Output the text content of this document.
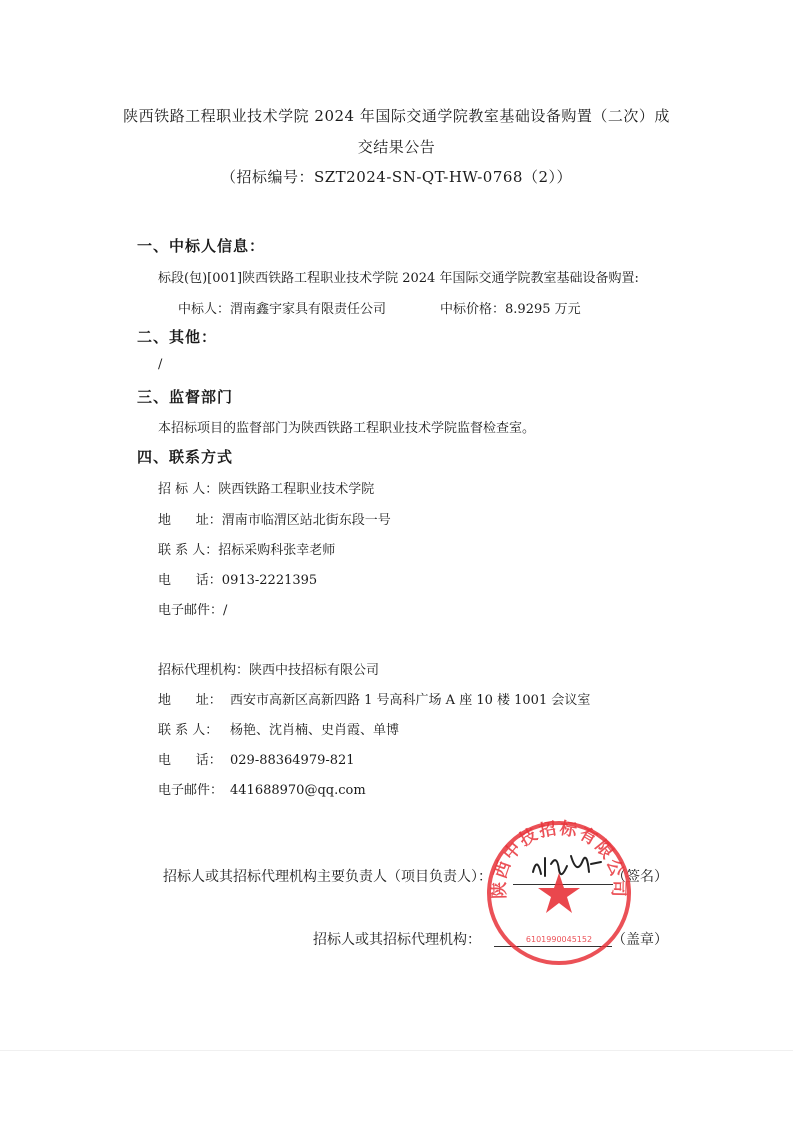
陕西铁路工程职业技术学院 2024 年国际交通学院教室基础设备购置（二次）成
交结果公告
（招标编号：SZT2024-SN-QT-HW-0768（2））
一、中标人信息：
标段(包)[001]陕西铁路工程职业技术学院 2024 年国际交通学院教室基础设备购置:
中标人：渭南鑫宇家具有限责任公司	中标价格：8.9295 万元
二、其他：
/
三、监督部门
本招标项目的监督部门为陕西铁路工程职业技术学院监督检查室。
四、联系方式
招 标 人：陕西铁路工程职业技术学院
地      址：渭南市临渭区站北街东段一号
联 系 人：招标采购科张幸老师
电      话：0913-2221395
电子邮件：/
招标代理机构：陕西中技招标有限公司
地      址： 西安市高新区高新四路 1 号高科广场 A 座 10 楼 1001 会议室
联 系 人： 杨艳、沈肖楠、史肖霞、单博
电      话： 029-88364979-821
电子邮件： 441688970@qq.com
招标人或其招标代理机构主要负责人（项目负责人）：	（签名）
招标人或其招标代理机构：	（盖章）
陕西中技招标有限公司
6101990045152
